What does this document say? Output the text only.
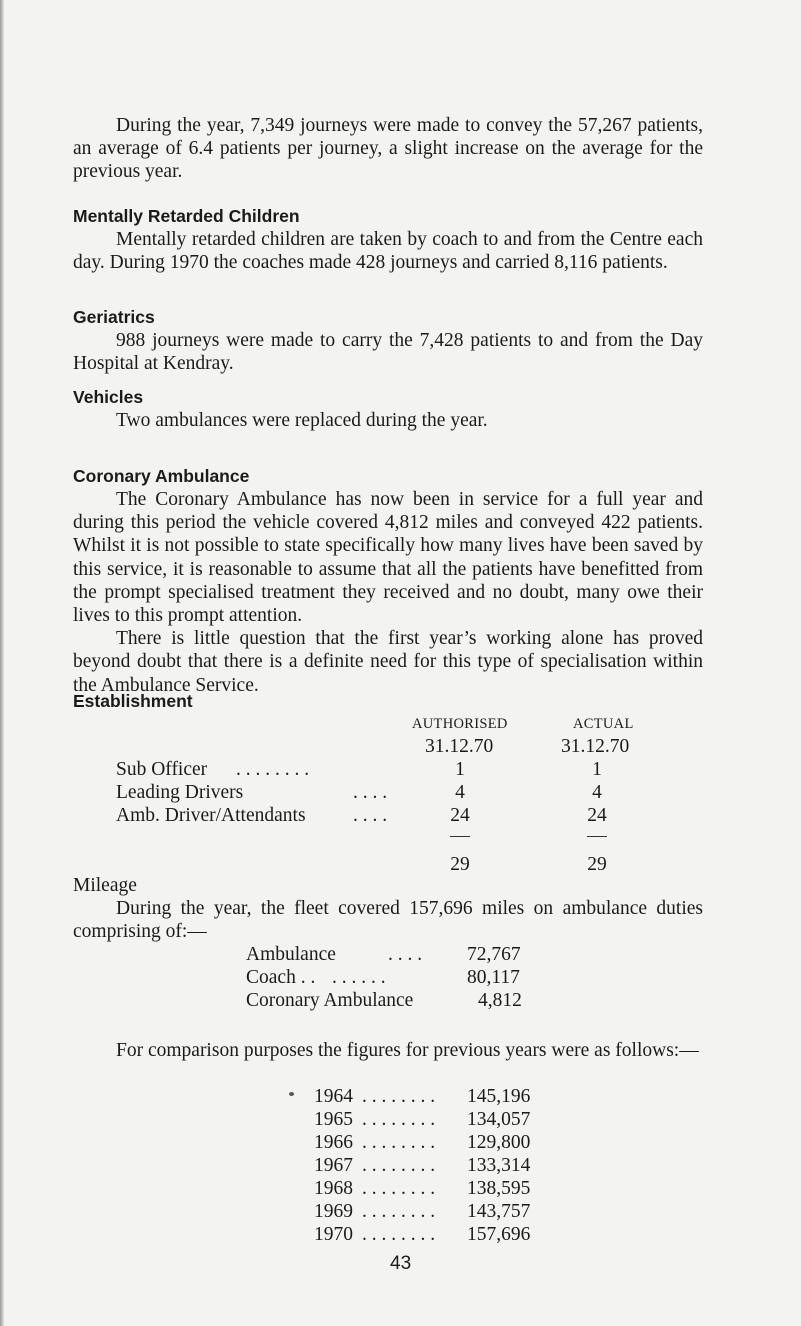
During the year, 7,349 journeys were made to convey the 57,267 patients, an average of 6.4 patients per journey, a slight increase on the average for the previous year.

Mentally Retarded Children

Mentally retarded children are taken by coach to and from the Centre each day. During 1970 the coaches made 428 journeys and carried 8,116 patients.

Geriatrics

988 journeys were made to carry the 7,428 patients to and from the Day Hospital at Kendray.

Vehicles

Two ambulances were replaced during the year.

Coronary Ambulance

The Coronary Ambulance has now been in service for a full year and during this period the vehicle covered 4,812 miles and conveyed 422 patients. Whilst it is not possible to state specifically how many lives have been saved by this service, it is reasonable to assume that all the patients have benefitted from the prompt specialised treatment they received and no doubt, many owe their lives to this prompt attention.

There is little question that the first year’s working alone has proved beyond doubt that there is a definite need for this type of specialisation within the Ambulance Service.

Establishment
AUTHORISED	ACTUAL
31.12.70	31.12.70
Sub Officer . . . . . . . .	1	1
Leading Drivers	. . . .	4	4
Amb. Driver/Attendants . . . .	24	24
29	29
Mileage

During the year, the fleet covered 157,696 miles on ambulance duties comprising of:—

Ambulance	. . . . 72,767
Coach . . . . . . . .	80,117
Coronary Ambulance	4,812

For comparison purposes the figures for previous years were as follows:—

1964 . . . . . . . . 145,196
1965 . . . . . . . . 134,057
1966 . . . . . . . . 129,800
1967 . . . . . . . . 133,314
1968 . . . . . . . . 138,595
1969 . . . . . . . . 143,757
1970 . . . . . . . . 157,696
43
